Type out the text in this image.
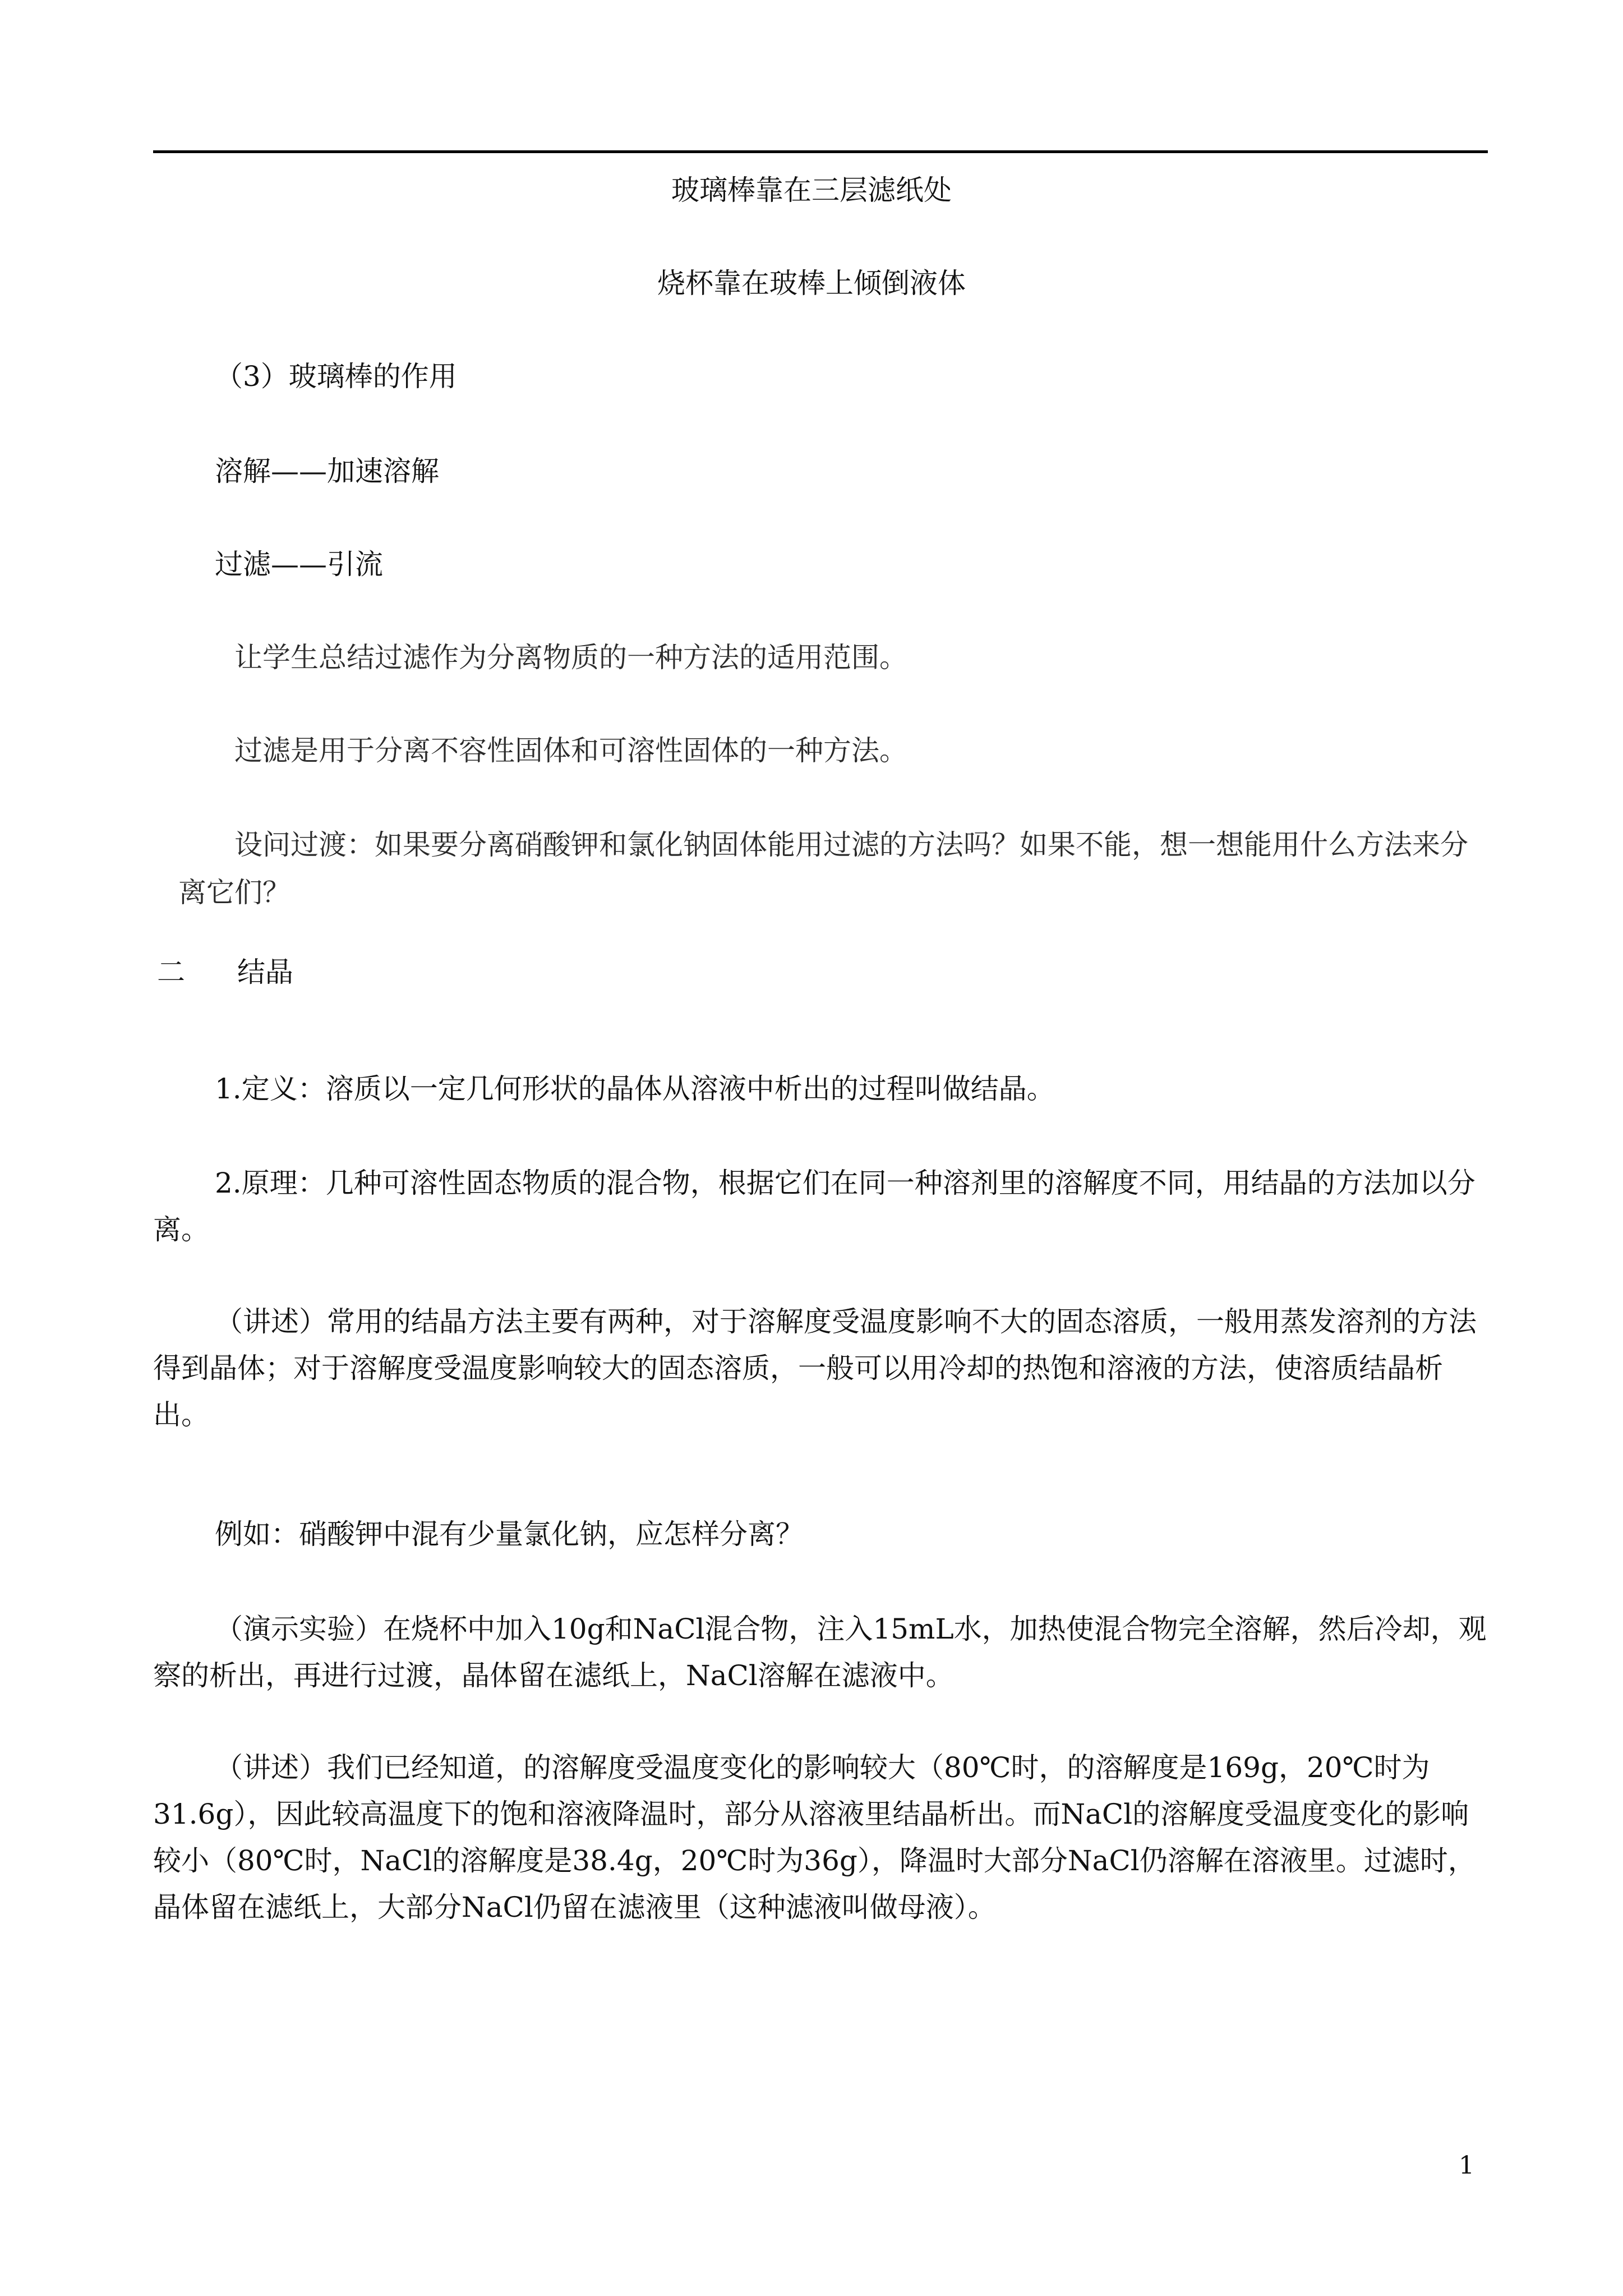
玻璃棒靠在三层滤纸处
烧杯靠在玻棒上倾倒液体
（3）玻璃棒的作用
溶解——加速溶解
过滤——引流
让学生总结过滤作为分离物质的一种方法的适用范围。
过滤是用于分离不容性固体和可溶性固体的一种方法。
设问过渡：如果要分离硝酸钾和氯化钠固体能用过滤的方法吗？如果不能，想一想能用什么方法来分
离它们？
二 结晶
1.定义：溶质以一定几何形状的晶体从溶液中析出的过程叫做结晶。
2.原理：几种可溶性固态物质的混合物，根据它们在同一种溶剂里的溶解度不同，用结晶的方法加以分离。
（讲述）常用的结晶方法主要有两种，对于溶解度受温度影响不大的固态溶质，一般用蒸发溶剂的方法得到晶体；对于溶解度受温度影响较大的固态溶质，一般可以用冷却的热饱和溶液的方法，使溶质结晶析出。
例如：硝酸钾中混有少量氯化钠，应怎样分离？
（演示实验）在烧杯中加入10g和NaCl混合物，注入15mL水，加热使混合物完全溶解，然后冷却，观察的析出，再进行过渡，晶体留在滤纸上，NaCl溶解在滤液中。
（讲述）我们已经知道，的溶解度受温度变化的影响较大（80℃时，的溶解度是169g，20℃时为31.6g），因此较高温度下的饱和溶液降温时，部分从溶液里结晶析出。而NaCl的溶解度受温度变化的影响较小（80℃时，NaCl的溶解度是38.4g，20℃时为36g），降温时大部分NaCl仍溶解在溶液里。过滤时，晶体留在滤纸上，大部分NaCl仍留在滤液里（这种滤液叫做母液）。
1
